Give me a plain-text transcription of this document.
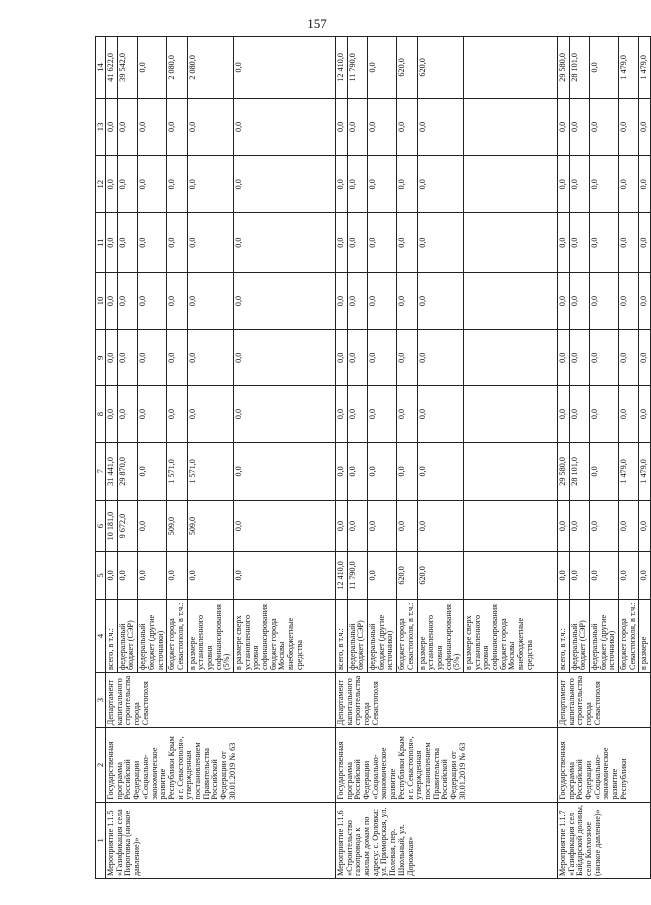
157
1	2	3	4	5	6	7	8	9	10	11	12	13	14
Мероприятие 1.1.5 «Газификация села Пироговка (низкое давление)»	Государственная программа Российской Федерации «Социально-экономическое развитие Республики Крым и г. Севастополя», утвержденная постановлением Правительства Российской Федерации от 30.01.2019 № 63	Департамент капитального строительства города Севастополя	всего, в т.ч.:	0,0	10 181,0	31 441,0	0,0	0,0	0,0	0,0	0,0	0,0	41 622,0
			федеральный бюджет (СЭР)	0,0	9 672,0	29 870,0	0,0	0,0	0,0	0,0	0,0	0,0	39 542,0
			федеральный бюджет (другие источники)	0,0	0,0	0,0	0,0	0,0	0,0	0,0	0,0	0,0	0,0
			бюджет города Севастополя, в т.ч.:	0,0	509,0	1 571,0	0,0	0,0	0,0	0,0	0,0	0,0	2 080,0
			в размере установленного уровня софинансирования (5%)	0,0	509,0	1 571,0	0,0	0,0	0,0	0,0	0,0	0,0	2 080,0
			в размере сверх установленного уровня софинансирования бюджет города Москвы внебюджетные средства	0,0	0,0	0,0	0,0	0,0	0,0	0,0	0,0	0,0	0,0
Мероприятие 1.1.6 «Строительство газопровода к жилым домам по адресу: с. Орловка: ул. Приморская, ул. Полевая, пер. Школьный, ул. Дорожная»	Государственная программа Российской Федерации «Социально-экономическое развитие Республики Крым и г. Севастополя», утвержденная постановлением Правительства Российской Федерации от 30.01.2019 № 63	Департамент капитального строительства города Севастополя	всего, в т.ч.:	12 410,0	0,0	0,0	0,0	0,0	0,0	0,0	0,0	0,0	12 410,0
			федеральный бюджет (СЭР)	11 790,0	0,0	0,0	0,0	0,0	0,0	0,0	0,0	0,0	11 790,0
			федеральный бюджет (другие источники)	0,0	0,0	0,0	0,0	0,0	0,0	0,0	0,0	0,0	0,0
			бюджет города Севастополя, в т.ч.:	620,0	0,0	0,0	0,0	0,0	0,0	0,0	0,0	0,0	620,0
			в размере установленного уровня софинансирования (5%)	620,0	0,0	0,0	0,0	0,0	0,0	0,0	0,0	0,0	620,0
			в размере сверх установленного уровня софинансирования бюджет города Москвы внебюджетные средства										
Мероприятие 1.1.7 «Газификация сел Байдарской долины, село Колхозное (низкое давление)»	Государственная программа Российской Федерации «Социально-экономическое развитие Республики	Департамент капитального строительства города Севастополя	всего, в т.ч.:	0,0	0,0	29 580,0	0,0	0,0	0,0	0,0	0,0	0,0	29 580,0
			федеральный бюджет (СЭР)	0,0	0,0	28 101,0	0,0	0,0	0,0	0,0	0,0	0,0	28 101,0
			федеральный бюджет (другие источники)	0,0	0,0	0,0	0,0	0,0	0,0	0,0	0,0	0,0	0,0
			бюджет города Севастополя, в т.ч.:	0,0	0,0	1 479,0	0,0	0,0	0,0	0,0	0,0	0,0	1 479,0
			в размере	0,0	0,0	1 479,0	0,0	0,0	0,0	0,0	0,0	0,0	1 479,0
